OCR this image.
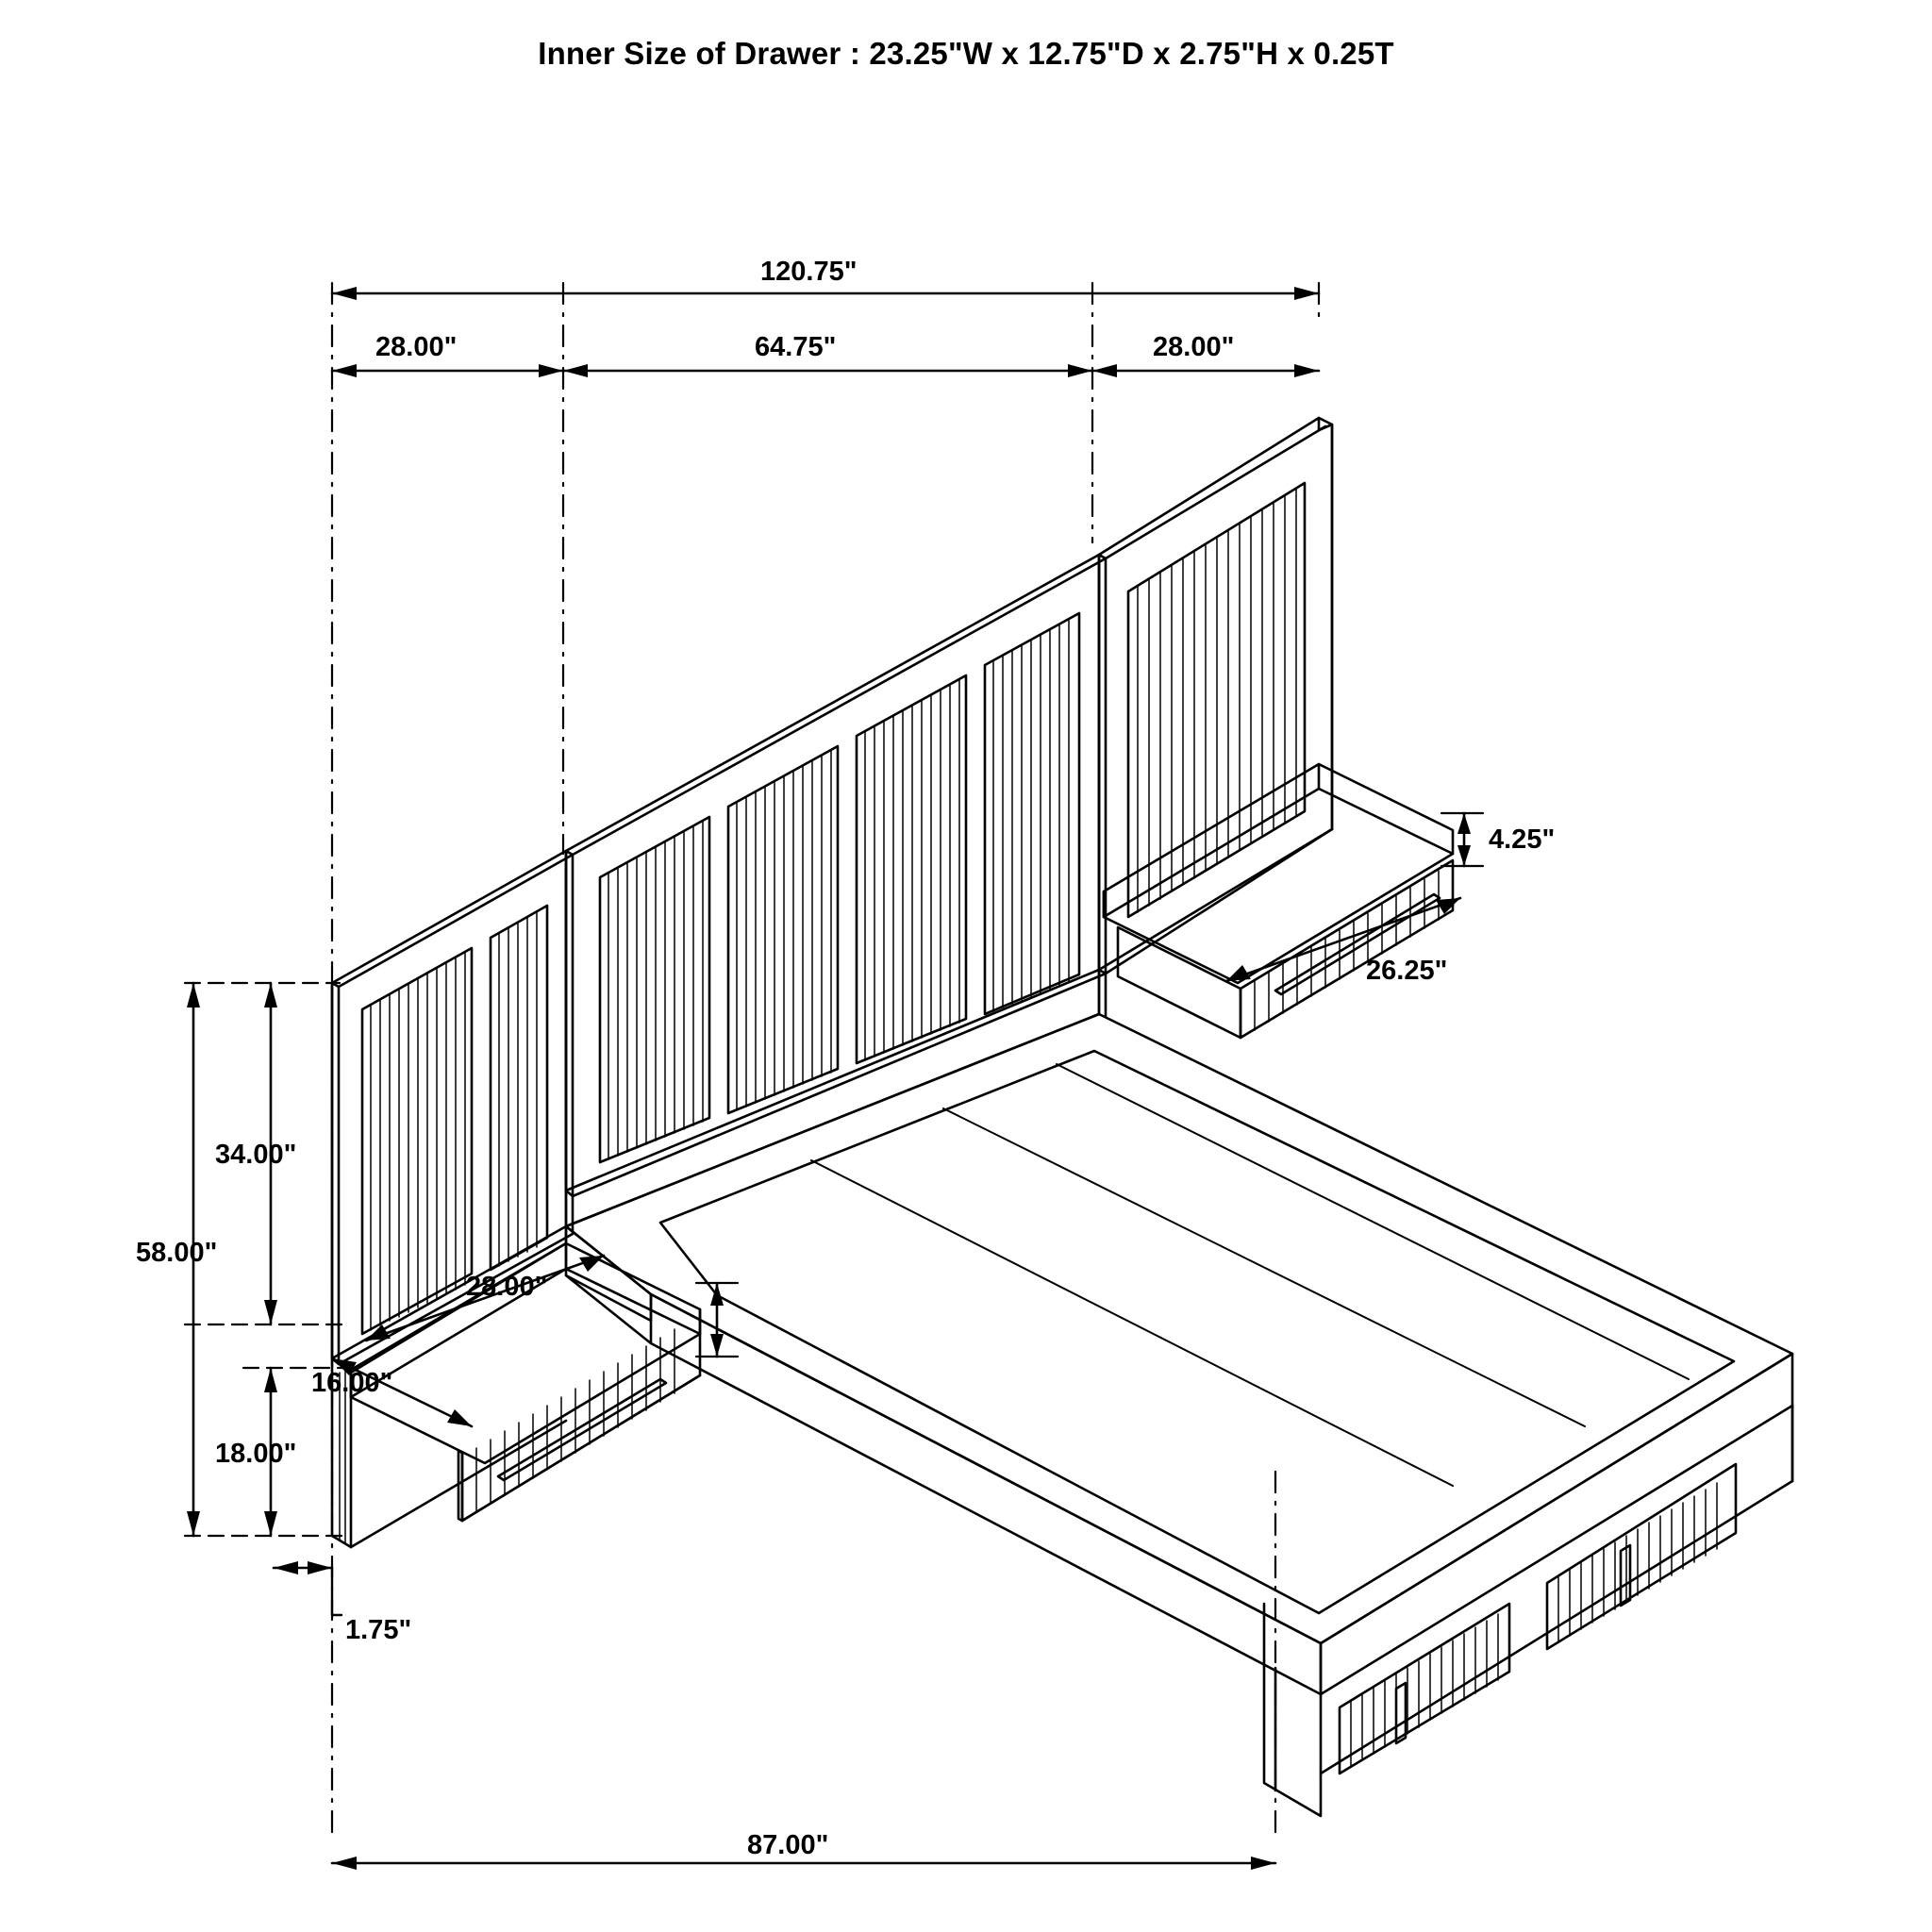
Inner Size of Drawer : 23.25"W x 12.75"D x 2.75"H x 0.25T
120.75"
28.00"	64.75"	28.00"
4.25"
26.25"
34.00"
58.00"
28.00"
16.00"
18.00"
1.75"
87.00"
